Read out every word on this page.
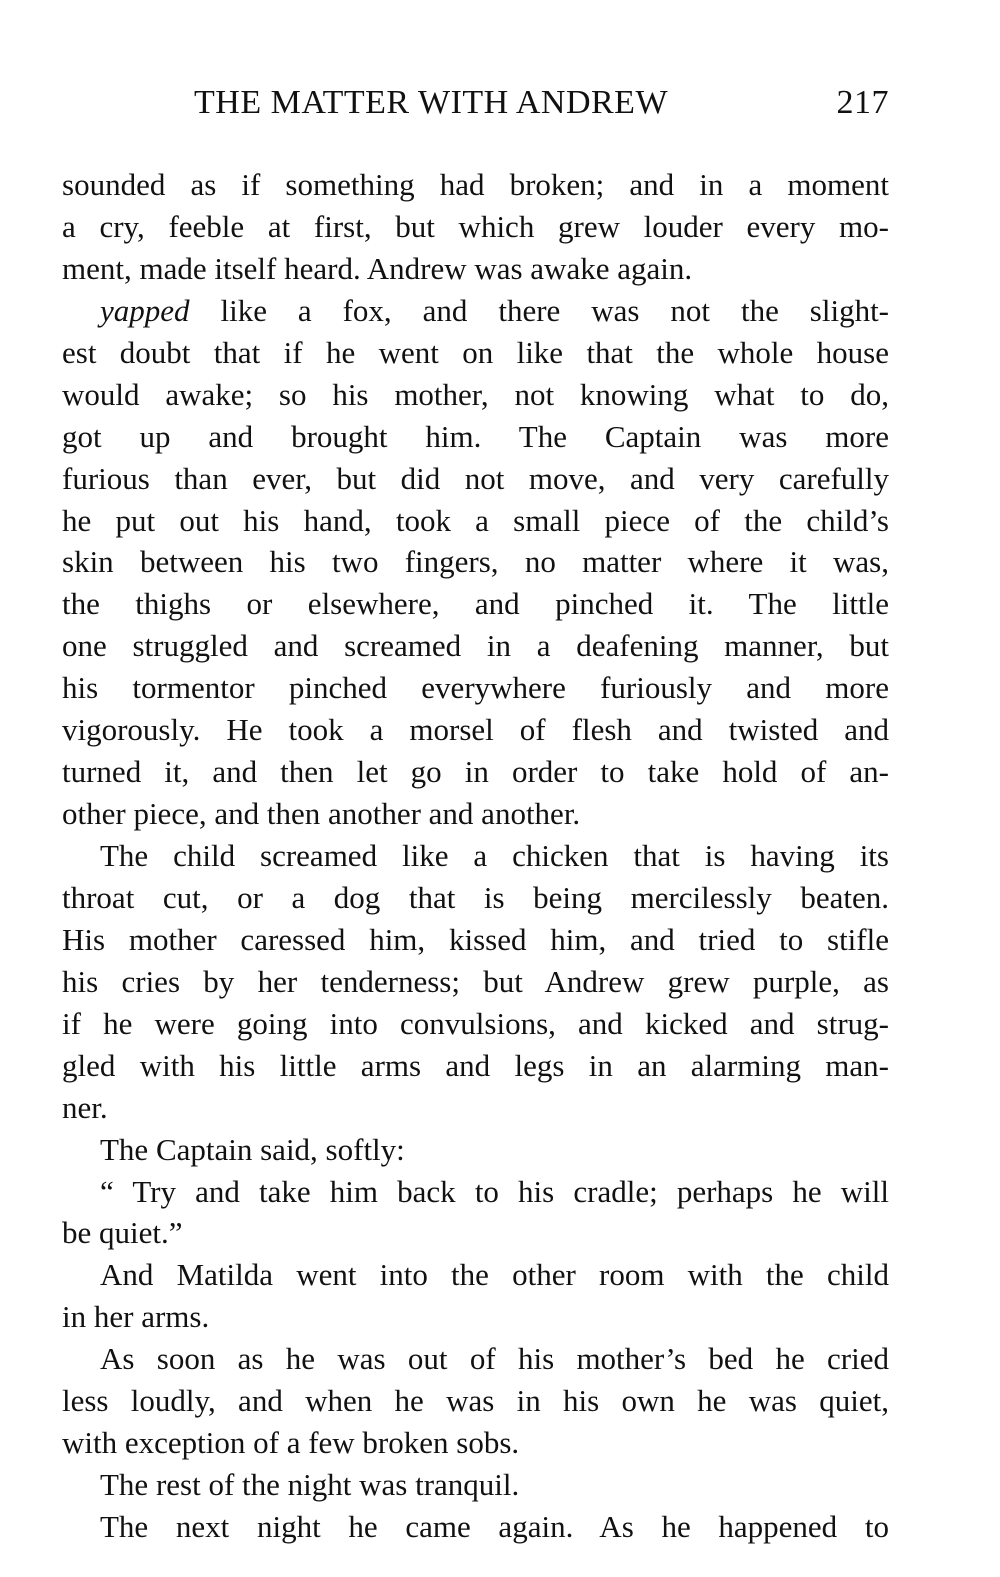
THE MATTER WITH ANDREW	217
sounded as if something had broken; and in a moment
a cry, feeble at first, but which grew louder every mo-
ment, made itself heard. Andrew was awake again.
yapped like a fox, and there was not the slight-
est doubt that if he went on like that the whole house
would awake; so his mother, not knowing what to do,
got up and brought him. The Captain was more
furious than ever, but did not move, and very carefully
he put out his hand, took a small piece of the child’s
skin between his two fingers, no matter where it was,
the thighs or elsewhere, and pinched it. The little
one struggled and screamed in a deafening manner, but
his tormentor pinched everywhere furiously and more
vigorously. He took a morsel of flesh and twisted and
turned it, and then let go in order to take hold of an-
other piece, and then another and another.
The child screamed like a chicken that is having its
throat cut, or a dog that is being mercilessly beaten.
His mother caressed him, kissed him, and tried to stifle
his cries by her tenderness; but Andrew grew purple, as
if he were going into convulsions, and kicked and strug-
gled with his little arms and legs in an alarming man-
ner.
The Captain said, softly:
“ Try and take him back to his cradle; perhaps he will
be quiet.”
And Matilda went into the other room with the child
in her arms.
As soon as he was out of his mother’s bed he cried
less loudly, and when he was in his own he was quiet,
with exception of a few broken sobs.
The rest of the night was tranquil.
The next night he came again. As he happened to
